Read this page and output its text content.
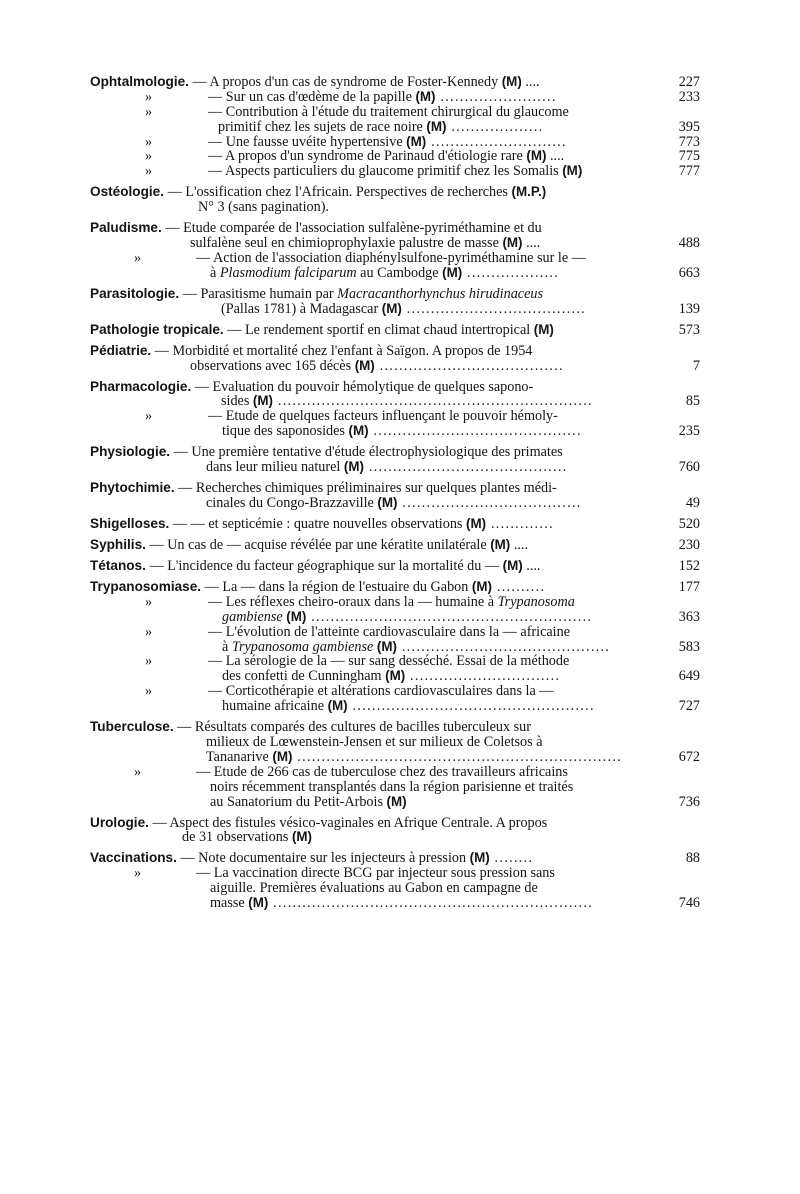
Ophtalmologie. — A propos d'un cas de syndrome de Foster-Kennedy (M) ....	227
»	— Sur un cas d'œdème de la papille (M) ........................	233
»	— Contribution à l'étude du traitement chirurgical du glaucome
primitif chez les sujets de race noire (M) ...................	395
»	— Une fausse uvéite hypertensive (M) ............................	773
»	— A propos d'un syndrome de Parinaud d'étiologie rare (M) ....	775
»	— Aspects particuliers du glaucome primitif chez les Somalis (M)	777
Ostéologie. — L'ossification chez l'Africain. Perspectives de recherches (M.P.)
N° 3 (sans pagination).
Paludisme. — Etude comparée de l'association sulfalène-pyriméthamine et du
sulfalène seul en chimioprophylaxie palustre de masse (M) ....	488
»	— Action de l'association diaphénylsulfone-pyriméthamine sur le —
à Plasmodium falciparum au Cambodge (M) ...................	663
Parasitologie. — Parasitisme humain par Macracanthorhynchus hirudinaceus
(Pallas 1781) à Madagascar (M) .....................................	139
Pathologie tropicale. — Le rendement sportif en climat chaud intertropical (M)	573
Pédiatrie. — Morbidité et mortalité chez l'enfant à Saïgon. A propos de 1954
observations avec 165 décès (M) ......................................	7
Pharmacologie. — Evaluation du pouvoir hémolytique de quelques sapono-
sides (M) .................................................................	85
»	— Etude de quelques facteurs influençant le pouvoir hémoly-
tique des saponosides (M) ...........................................	235
Physiologie. — Une première tentative d'étude électrophysiologique des primates
dans leur milieu naturel (M) .........................................	760
Phytochimie. — Recherches chimiques préliminaires sur quelques plantes médi-
cinales du Congo-Brazzaville (M) .....................................	49
Shigelloses. — — et septicémie : quatre nouvelles observations (M) .............	520
Syphilis. — Un cas de — acquise révélée par une kératite unilatérale (M) ....	230
Tétanos. — L'incidence du facteur géographique sur la mortalité du — (M) ....	152
Trypanosomiase. — La — dans la région de l'estuaire du Gabon (M) ..........	177
»	— Les réflexes cheiro-oraux dans la — humaine à Trypanosoma
gambiense (M) ..........................................................	363
»	— L'évolution de l'atteinte cardiovasculaire dans la — africaine
à Trypanosoma gambiense (M) ...........................................	583
»	— La sérologie de la — sur sang desséché. Essai de la méthode
des confetti de Cunningham (M) ...............................	649
»	— Corticothérapie et altérations cardiovasculaires dans la —
humaine africaine (M) ..................................................	727
Tuberculose. — Résultats comparés des cultures de bacilles tuberculeux sur
milieux de Lœwenstein-Jensen et sur milieux de Coletsos à
Tananarive (M) ...................................................................	672
»	— Etude de 266 cas de tuberculose chez des travailleurs africains
noirs récemment transplantés dans la région parisienne et traités
au Sanatorium du Petit-Arbois (M)	736
Urologie. — Aspect des fistules vésico-vaginales en Afrique Centrale. A propos
de 31 observations (M)
Vaccinations. — Note documentaire sur les injecteurs à pression (M) ........	88
»	— La vaccination directe BCG par injecteur sous pression sans
aiguille. Premières évaluations au Gabon en campagne de
masse (M) ..................................................................	746
